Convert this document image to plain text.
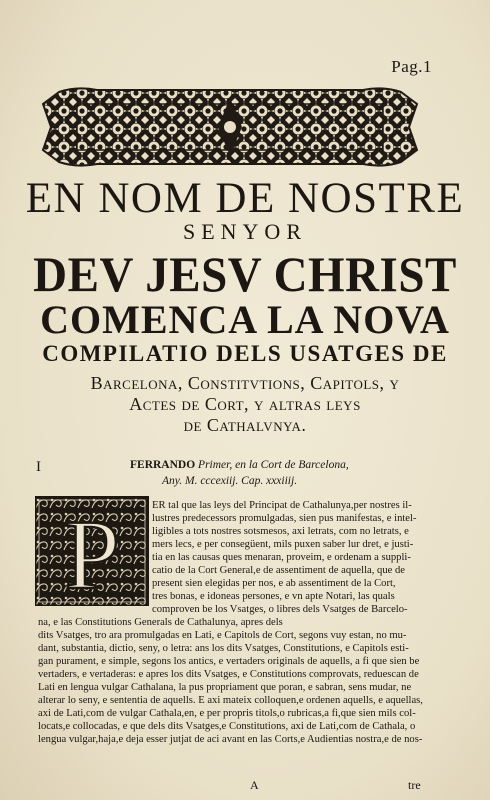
Pag.1
EN NOM DE NOSTRE
SENYOR
DEV JESV CHRIST
COMENCA LA NOVA
COMPILATIO DELS USATGES DE
Barcelona, Constitvtions, Capitols, y
Actes de Cort, y altras leys
de Cathalvnya.
I	FERRANDO Primer, en la Cort de Barcelona,
Any. M. cccexiij. Cap. xxxiiij.
P	ER tal que las leys del Principat de Cathalunya,per nostres il-
lustres predecessors promulgadas, sien pus manifestas, e intel-
ligibles a tots nostres sotsmesos, axi letrats, com no letrats, e
mers lecs, e per consegüent, mils puxen saber lur dret, e justi-
tia en las causas ques menaran, proveim, e ordenam a suppli-
catio de la Cort General,e de assentiment de aquella, que de
present sien elegidas per nos, e ab assentiment de la Cort,
tres bonas, e idoneas persones, e vn apte Notari, las quals
comproven be los Vsatges, o libres dels Vsatges de Barcelo-
na, e las Constitutions Generals de Cathalunya, apres dels
dits Vsatges, tro ara promulgadas en Lati, e Capitols de Cort, segons vuy estan, no mu-
dant, substantia, dictio, seny, o letra: ans los dits Vsatges, Constitutions, e Capitols esti-
gan purament, e simple, segons los antics, e vertaders originals de aquells, a fi que sien be
vertaders, e vertaderas: e apres los dits Vsatges, e Constitutions comprovats, reduescan de
Lati en lengua vulgar Cathalana, la pus propriament que poran, e sabran, sens mudar, ne
alterar lo seny, e sententia de aquells. E axi mateix colloquen,e ordenen aquells, e aquellas,
axi de Lati,com de vulgar Cathala,en, e per propris titols,o rubricas,a fi,que sien mils col-
locats,e collocadas, e que dels dits Vsatges,e Constitutions, axi de Lati,com de Cathala, o
lengua vulgar,haja,e deja esser jutjat de aci avant en las Corts,e Audientias nostra,e de nos-
A	tre
